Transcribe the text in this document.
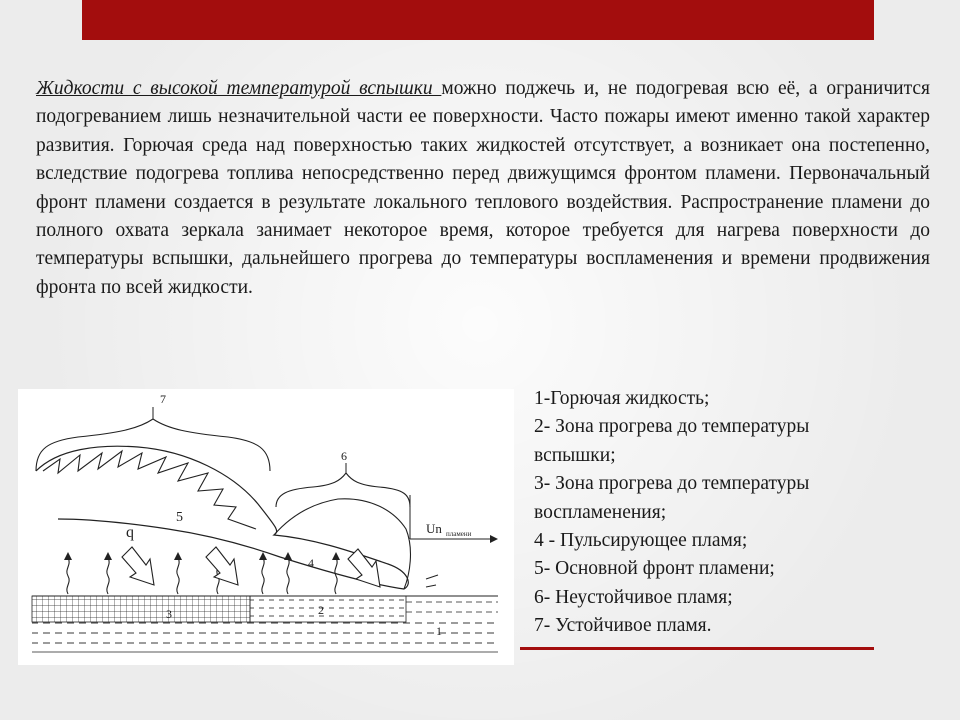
Жидкости с высокой температурой вспышки можно поджечь и, не подогревая всю её, а ограничится подогреванием лишь незначительной части ее поверхности. Часто пожары имеют именно такой характер развития. Горючая среда над поверхностью таких жидкостей отсутствует, а возникает она постепенно, вследствие подогрева топлива непосредственно перед движущимся фронтом пламени. Первоначальный фронт пламени создается в результате локального теплового воздействия. Распространение пламени до полного охвата зеркала занимает некоторое время, которое требуется для нагрева поверхности до температуры вспышки, дальнейшего прогрева до температуры воспламенения и времени продвижения фронта по всей жидкости.

7
6
5
4
3	2
1
q	Un пламени
1-Горючая жидкость;
2- Зона прогрева до температуры вспышки;
3- Зона прогрева до температуры воспламенения;
4 - Пульсирующее пламя;
5- Основной фронт пламени;
6- Неустойчивое пламя;
7- Устойчивое пламя.
